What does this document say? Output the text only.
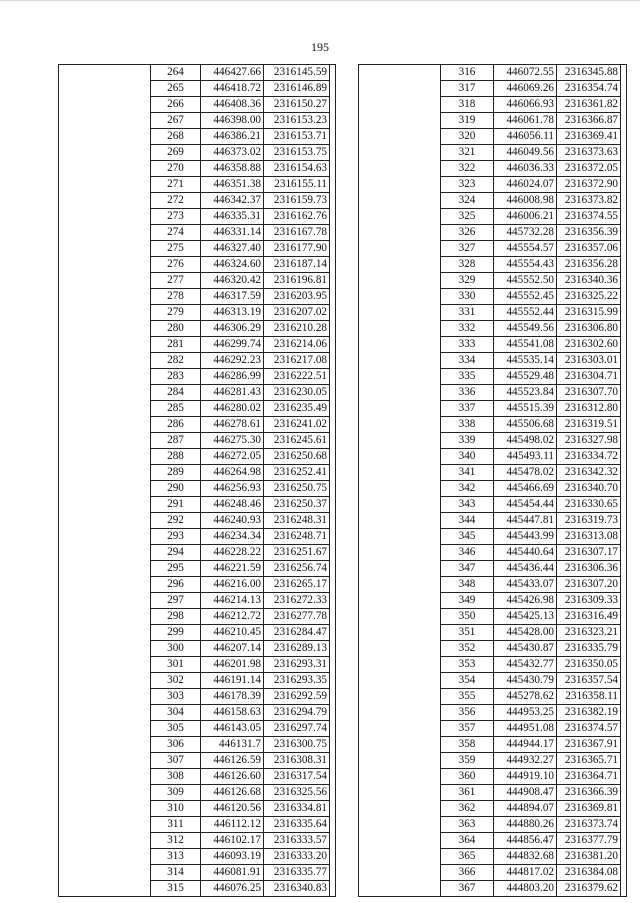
195
	264	446427.66	2316145.59	
	265	446418.72	2316146.89	
	266	446408.36	2316150.27	
	267	446398.00	2316153.23	
	268	446386.21	2316153.71	
	269	446373.02	2316153.75	
	270	446358.88	2316154.63	
	271	446351.38	2316155.11	
	272	446342.37	2316159.73	
	273	446335.31	2316162.76	
	274	446331.14	2316167.78	
	275	446327.40	2316177.90	
	276	446324.60	2316187.14	
	277	446320.42	2316196.81	
	278	446317.59	2316203.95	
	279	446313.19	2316207.02	
	280	446306.29	2316210.28	
	281	446299.74	2316214.06	
	282	446292.23	2316217.08	
	283	446286.99	2316222.51	
	284	446281.43	2316230.05	
	285	446280.02	2316235.49	
	286	446278.61	2316241.02	
	287	446275.30	2316245.61	
	288	446272.05	2316250.68	
	289	446264.98	2316252.41	
	290	446256.93	2316250.75	
	291	446248.46	2316250.37	
	292	446240.93	2316248.31	
	293	446234.34	2316248.71	
	294	446228.22	2316251.67	
	295	446221.59	2316256.74	
	296	446216.00	2316265.17	
	297	446214.13	2316272.33	
	298	446212.72	2316277.78	
	299	446210.45	2316284.47	
	300	446207.14	2316289.13	
	301	446201.98	2316293.31	
	302	446191.14	2316293.35	
	303	446178.39	2316292.59	
	304	446158.63	2316294.79	
	305	446143.05	2316297.74	
	306	446131.7	2316300.75	
	307	446126.59	2316308.31	
	308	446126.60	2316317.54	
	309	446126.68	2316325.56	
	310	446120.56	2316334.81	
	311	446112.12	2316335.64	
	312	446102.17	2316333.57	
	313	446093.19	2316333.20	
	314	446081.91	2316335.77	
	315	446076.25	2316340.83	
	316	446072.55	2316345.88	
	317	446069.26	2316354.74	
	318	446066.93	2316361.82	
	319	446061.78	2316366.87	
	320	446056.11	2316369.41	
	321	446049.56	2316373.63	
	322	446036.33	2316372.05	
	323	446024.07	2316372.90	
	324	446008.98	2316373.82	
	325	446006.21	2316374.55	
	326	445732.28	2316356.39	
	327	445554.57	2316357.06	
	328	445554.43	2316356.28	
	329	445552.50	2316340.36	
	330	445552.45	2316325.22	
	331	445552.44	2316315.99	
	332	445549.56	2316306.80	
	333	445541.08	2316302.60	
	334	445535.14	2316303.01	
	335	445529.48	2316304.71	
	336	445523.84	2316307.70	
	337	445515.39	2316312.80	
	338	445506.68	2316319.51	
	339	445498.02	2316327.98	
	340	445493.11	2316334.72	
	341	445478.02	2316342.32	
	342	445466.69	2316340.70	
	343	445454.44	2316330.65	
	344	445447.81	2316319.73	
	345	445443.99	2316313.08	
	346	445440.64	2316307.17	
	347	445436.44	2316306.36	
	348	445433.07	2316307.20	
	349	445426.98	2316309.33	
	350	445425.13	2316316.49	
	351	445428.00	2316323.21	
	352	445430.87	2316335.79	
	353	445432.77	2316350.05	
	354	445430.79	2316357.54	
	355	445278.62	2316358.11	
	356	444953.25	2316382.19	
	357	444951.08	2316374.57	
	358	444944.17	2316367.91	
	359	444932.27	2316365.71	
	360	444919.10	2316364.71	
	361	444908.47	2316366.39	
	362	444894.07	2316369.81	
	363	444880.26	2316373.74	
	364	444856.47	2316377.79	
	365	444832.68	2316381.20	
	366	444817.02	2316384.08	
	367	444803.20	2316379.62	
